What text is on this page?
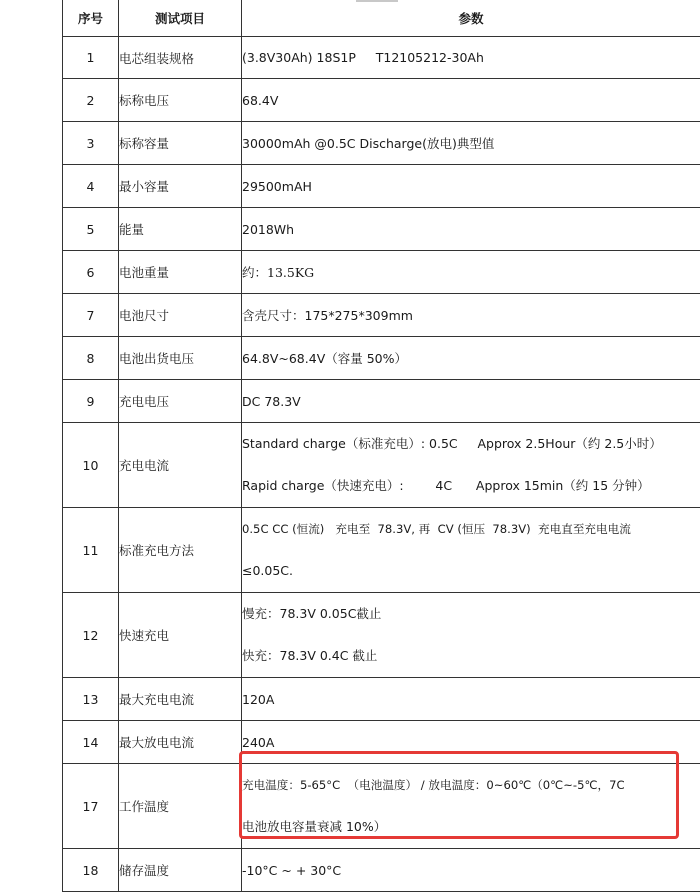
序号	测试项目	参数
1	电芯组装规格	(3.8V30Ah) 18S1P     T12105212-30Ah
2	标称电压	68.4V
3	标称容量	30000mAh @0.5C Discharge(放电)典型值
4	最小容量	29500mAH
5	能量	2018Wh
6	电池重量	约：13.5KG
7	电池尺寸	含壳尺寸：175*275*309mm
8	电池出货电压	64.8V~68.4V（容量 50%）
9	充电电压	DC 78.3V
10	充电电流	Standard charge（标准充电）: 0.5C     Approx 2.5Hour（约 2.5小时）
Rapid charge（快速充电）:        4C      Approx 15min（约 15 分钟）

11	标准充电方法	0.5C CC (恒流)   充电至  78.3V, 再  CV (恒压  78.3V)  充电直至充电电流
≤0.05C.

12	快速充电	慢充：78.3V 0.05C截止
快充：78.3V 0.4C 截止

13	最大充电电流	120A
14	最大放电电流	240A
17	工作温度	充电温度：5-65°C  （电池温度） / 放电温度：0~60℃（0℃~-5℃，7C
电池放电容量衰减 10%）

18	储存温度	-10°C ~ + 30°C
